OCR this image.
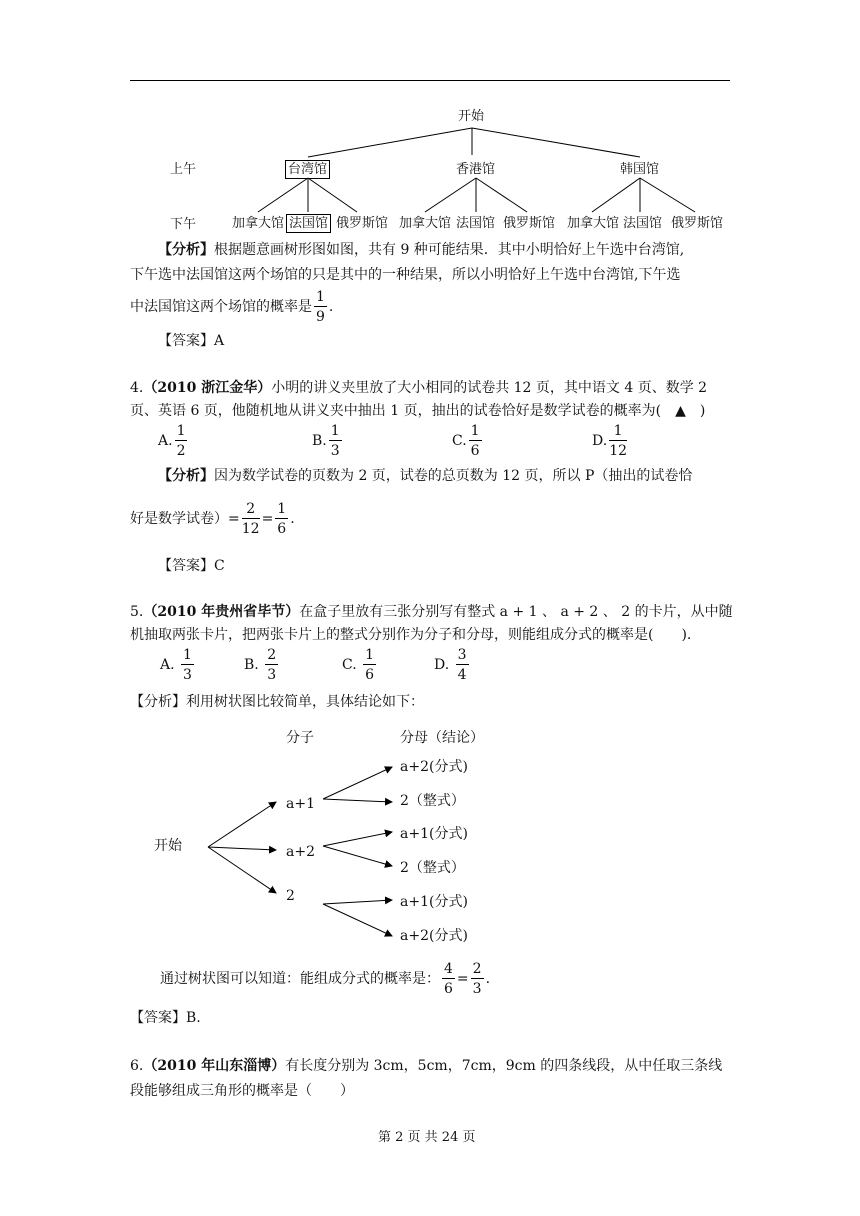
开始
上午
下午
台湾馆	香港馆	韩国馆
加拿大馆 法国馆 俄罗斯馆 加拿大馆 法国馆 俄罗斯馆 加拿大馆 法国馆 俄罗斯馆
【分析】根据题意画树形图如图，共有 9 种可能结果．其中小明恰好上午选中台湾馆,
下午选中法国馆这两个场馆的只是其中的一种结果，所以小明恰好上午选中台湾馆,下午选
中法国馆这两个场馆的概率是 $\frac{1}{9}$ .
【答案】A
4.（2010 浙江金华）小明的讲义夹里放了大小相同的试卷共 12 页，其中语文 4 页、数学 2
页、英语 6 页，他随机地从讲义夹中抽出 1 页，抽出的试卷恰好是数学试卷的概率为(　▲　)
A. $\frac{1}{2}$	B. $\frac{1}{3}$	C. $\frac{1}{6}$	D. $\frac{1}{12}$
【分析】因为数学试卷的页数为 2 页，试卷的总页数为 12 页，所以 P（抽出的试卷恰
好是数学试卷）= $\frac{2}{12} = \frac{1}{6}$ .
【答案】C
5.（2010 年贵州省毕节）在盒子里放有三张分别写有整式 a + 1 、 a + 2 、 2 的卡片，从中随
机抽取两张卡片，把两张卡片上的整式分别作为分子和分母，则能组成分式的概率是(　　).
A. $\frac{1}{3}$	B. $\frac{2}{3}$	C. $\frac{1}{6}$	D. $\frac{3}{4}$
【分析】利用树状图比较简单，具体结论如下：
分子	分母（结论）
开始
a+1
a+2
2
a+2(分式)
2（整式）
a+1(分式)
2（整式）
a+1(分式)
a+2(分式)
通过树状图可以知道：能组成分式的概率是： $\frac{4}{6} = \frac{2}{3}$ .
【答案】B.
6.（2010 年山东淄博）有长度分别为 3cm，5cm，7cm，9cm 的四条线段，从中任取三条线
段能够组成三角形的概率是（　　）
第 2 页 共 24 页
